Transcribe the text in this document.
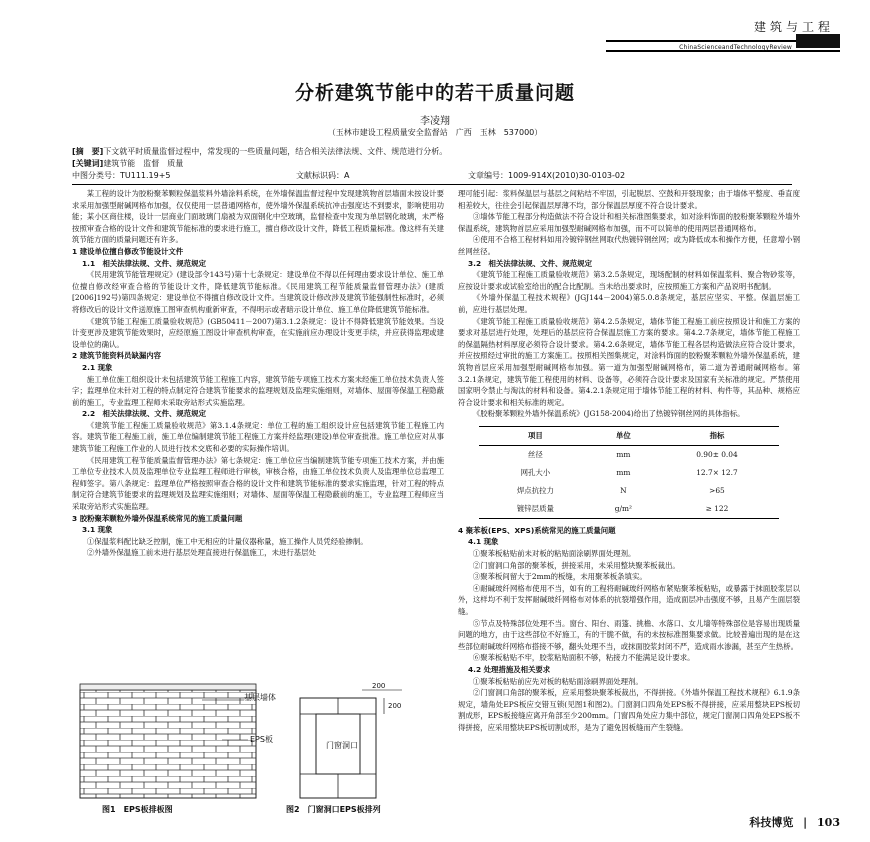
建筑与工程
ChinaScienceandTechnologyReview
分析建筑节能中的若干质量问题
李凌翔
（玉林市建设工程质量安全监督站　广西　玉林　537000）
[摘　要]下文就平时质量监督过程中，常发现的一些质量问题，结合相关法律法规、文件、规范进行分析。
[关键词]建筑节能　监督　质量
中图分类号：TU111.19+5	文献标识码：A	文章编号：1009-914X(2010)30-0103-02

某工程的设计为胶粉聚苯颗粒保温浆料外墙涂料系统，在外墙保温监督过程中发现建筑物首层墙面未按设计要求采用加强型耐碱网格布加强，仅仅使用一层普通网格布，使外墙外保温系统抗冲击强度达不到要求，影响使用功能；某小区商住楼，设计一层商业门面玻璃门扇被为双面钢化中空玻璃，监督检查中发现为单层钢化玻璃，未严格按照审查合格的设计文件和建筑节能标准的要求进行施工，擅自修改设计文件，降低工程质量标准。像这样有关建筑节能方面的质量问题还有许多。

1 建设单位擅自修改节能设计文件

1.1　相关法律法规、文件、规范规定

《民用建筑节能管理规定》(建设部令143号)第十七条规定：建设单位不得以任何理由要求设计单位、施工单位擅自修改经审查合格的节能设计文件，降低建筑节能标准。《民用建筑工程节能质量监督管理办法》(建质[2006]192号)第四条规定：建设单位不得擅自修改设计文件。当建筑设计修改涉及建筑节能强制性标准时，必须将修改后的设计文件送原施工图审查机构重新审查，不得明示或者暗示设计单位、施工单位降低建筑节能标准。

《建筑节能工程施工质量验收规范》(GB50411－2007)第3.1.2条规定：设计不得降低建筑节能效果。当设计变更涉及建筑节能效果时，应经原施工图设计审查机构审查，在实施前应办理设计变更手续，并应获得监理或建设单位的确认。

2 建筑节能资料员缺漏内容

2.1 现象

施工单位施工组织设计未包括建筑节能工程施工内容，建筑节能专项施工技术方案未经施工单位技术负责人签字；监理单位未针对工程的特点制定符合建筑节能要求的监理规划及监理实施细则，对墙体、屋面等保温工程隐蔽前的施工，专业监理工程师未采取旁站形式实施监理。

2.2　相关法律法规、文件、规范规定

《建筑节能工程施工质量验收规范》第3.1.4条规定：单位工程的施工组织设计应包括建筑节能工程施工内容。建筑节能工程施工前，施工单位编制建筑节能工程施工方案并经监理(建设)单位审查批准。施工单位应对从事建筑节能工程施工作业的人员进行技术交底和必要的实际操作培训。

《民用建筑工程节能质量监督管理办法》第七条规定：施工单位应当编制建筑节能专项施工技术方案，并由施工单位专业技术人员及监理单位专业监理工程师进行审核，审核合格，由施工单位技术负责人及监理单位总监理工程师签字。第八条规定：监理单位严格按照审查合格的设计文件和建筑节能标准的要求实施监理，针对工程的特点制定符合建筑节能要求的监理规划及监理实施细则；对墙体、屋面等保温工程隐蔽前的施工，专业监理工程师应当采取旁站形式实施监理。

3 胶粉聚苯颗粒外墙外保温系统常见的施工质量问题

3.1 现象

①保温浆料配比缺乏控制，施工中无相应的计量仪器称量，施工操作人员凭经验掺制。

②外墙外保温施工前未进行基层处理直接进行保温施工，未进行基层处

基层墙体
EPS板
门窗洞口
200
200
图1　EPS板排板图	图2　门窗洞口EPS板排列

理可能引起：浆料保温层与基层之间粘结不牢固，引起脱层、空鼓和开裂现象；由于墙体平整度、垂直度相差较大，往往会引起保温层厚薄不均，部分保温层厚度不符合设计要求。

③墙体节能工程部分构造做法不符合设计和相关标准图集要求，如对涂料饰面的胶粉聚苯颗粒外墙外保温系统，建筑物首层应采用加强型耐碱网格布加强，而不可以简单的使用两层普通网格布。

④使用不合格工程材料如用冷镀锌钢丝网取代热镀锌钢丝网；或为降低成本和操作方便，任意增小钢丝网丝径。

3.2　相关法律法规、文件、规范规定

《建筑节能工程施工质量验收规范》第3.2.5条规定，现场配制的材料如保温浆料、聚合物砂浆等，应按设计要求或试验室给出的配合比配制。当未给出要求时，应按照施工方案和产品说明书配制。

《外墙外保温工程技术规程》(JGJ144－2004)第5.0.8条规定，基层应坚实、平整。保温层施工前，应进行基层处理。

《建筑节能工程施工质量验收规范》第4.2.5条规定，墙体节能工程施工前应按照设计和施工方案的要求对基层进行处理，处理后的基层应符合保温层施工方案的要求。第4.2.7条规定，墙体节能工程施工的保温隔热材料厚度必须符合设计要求。第4.2.6条规定，墙体节能工程各层构造做法应符合设计要求，并应按照经过审批的施工方案施工。按照相关图集规定，对涂料饰面的胶粉聚苯颗粒外墙外保温系统，建筑物首层应采用加强型耐碱网格布加强。第一道为加强型耐碱网格布，第二道为普通耐碱网格布。第3.2.1条规定，建筑节能工程使用的材料、设备等，必须符合设计要求及国家有关标准的规定。严禁使用国家明令禁止与淘汰的材料和设备。第4.2.1条规定用于墙体节能工程的材料、构件等，其品种、规格应符合设计要求和相关标准的规定。

《胶粉聚苯颗粒外墙外保温系统》(JG158-2004)给出了热镀锌钢丝网的具体指标。

项目	单位	指标
丝径	mm	0.90± 0.04
网孔大小	mm	12.7× 12.7
焊点抗拉力	N	>65
镀锌层质量	g/m²	≥ 122

4 聚苯板(EPS、XPS)系统常见的施工质量问题

4.1 现象

①聚苯板粘贴前未对板的粘贴面涂刷界面处理剂。

②门窗洞口角部的聚苯板，拼接采用，未采用整块聚苯板裁出。

③聚苯板间留大于2mm的板缝，未用聚苯板条填实。

④耐碱玻纤网格布使用不当，如有的工程将耐碱玻纤网格布紧贴聚苯板粘贴，或暴露于抹面胶浆层以外，这样均不利于发挥耐碱玻纤网格布对体系的抗裂增强作用，造成面层冲击强度不够，且易产生面层裂缝。

⑤节点及特殊部位处理不当。窗台、阳台、雨篷、挑檐、水落口、女儿墙等特殊部位是容易出现质量问题的地方，由于这些部位不好施工，有的干脆不做，有的未按标准图集要求做。比较普遍出现的是在这些部位耐碱玻纤网格布搭接不够，翻头处理不当，或抹面胶浆封闭不严，造成雨水渗漏，甚至产生热桥。

⑥聚苯板粘贴不牢，胶浆粘贴面积不够，粘接力不能满足设计要求。

4.2 处理措施及相关要求

①聚苯板粘贴前应先对板的粘贴面涂刷界面处理剂。

②门窗洞口角部的聚苯板，应采用整块聚苯板裁出，不得拼接。《外墙外保温工程技术规程》6.1.9条规定，墙角处EPS板应交错互锁(见图1和图2)。门窗洞口四角处EPS板不得拼接，应采用整块EPS板切割成形，EPS板接缝应离开角部至少200mm。门窗四角处应力集中部位，规定门窗洞口四角处EPS板不得拼接，应采用整块EPS板切割成形，是为了避免因板缝而产生裂缝。

科技博览 | 103
